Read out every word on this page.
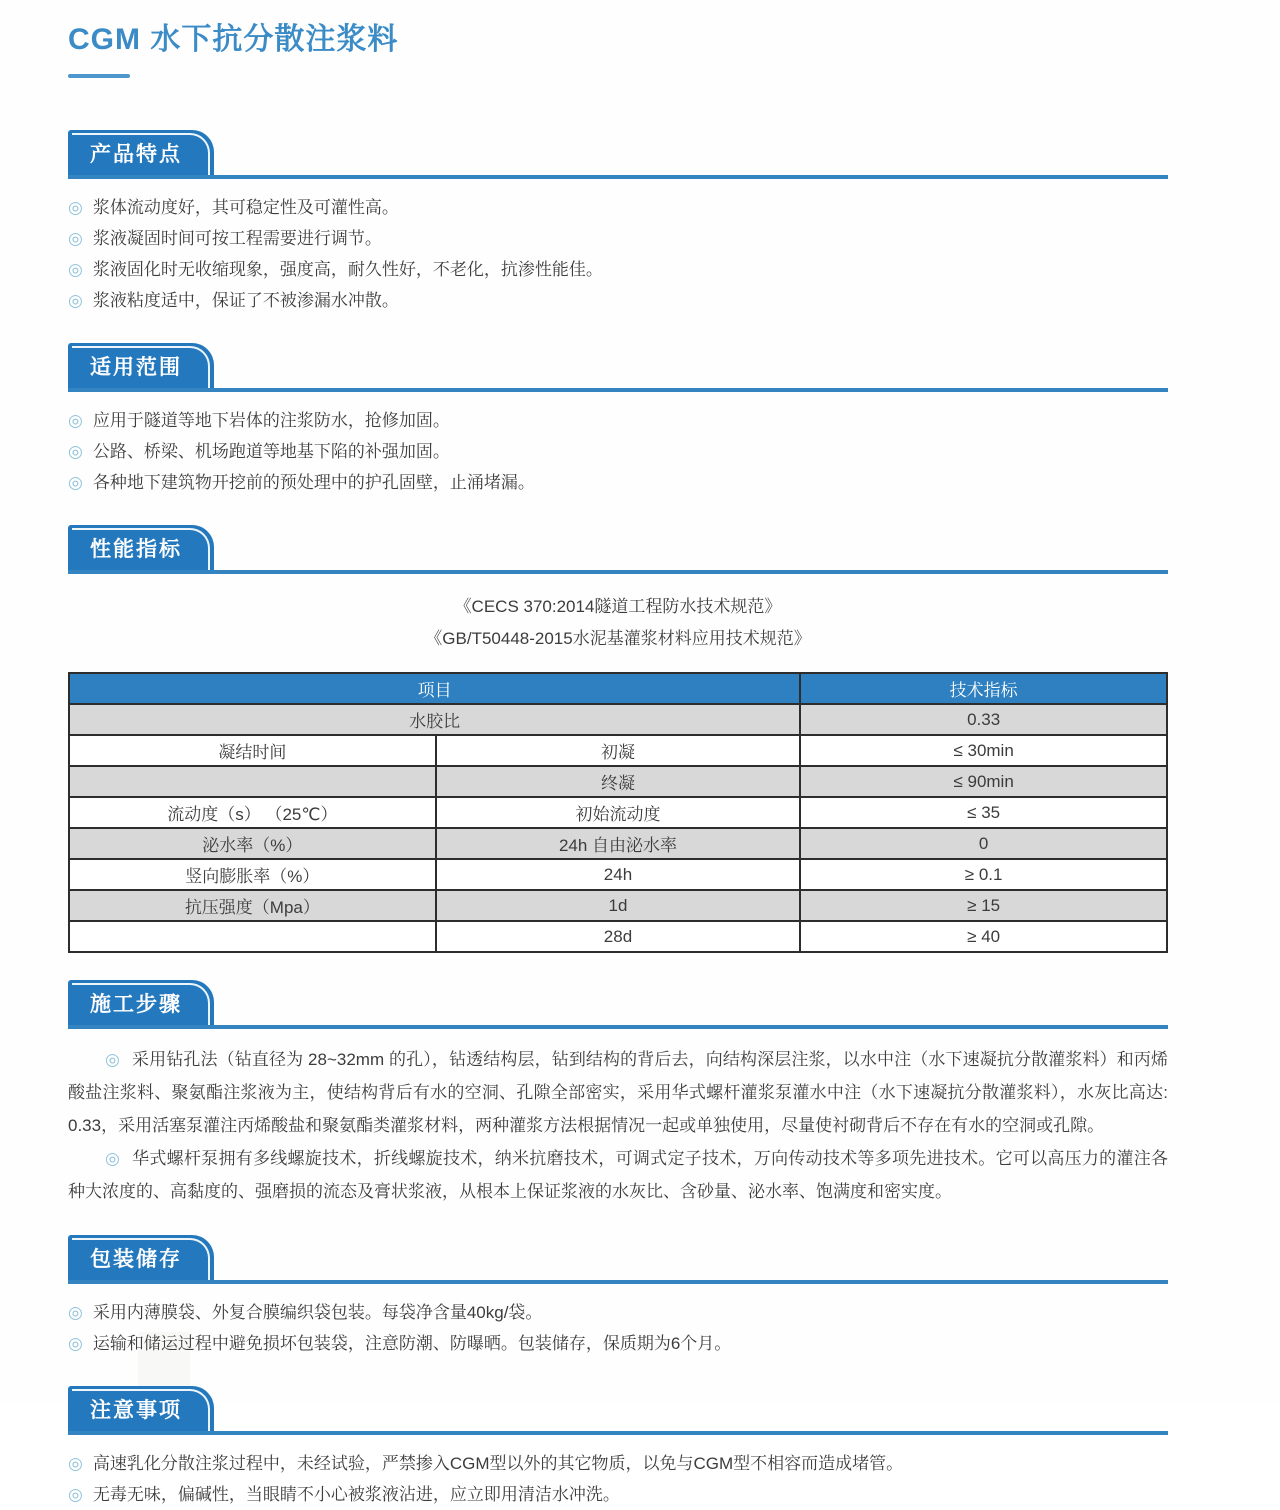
CGM 水下抗分散注浆料
产品特点
◎ 浆体流动度好，其可稳定性及可灌性高。
◎ 浆液凝固时间可按工程需要进行调节。
◎ 浆液固化时无收缩现象，强度高，耐久性好，不老化，抗渗性能佳。
◎ 浆液粘度适中，保证了不被渗漏水冲散。
适用范围
◎ 应用于隧道等地下岩体的注浆防水，抢修加固。
◎ 公路、桥梁、机场跑道等地基下陷的补强加固。
◎ 各种地下建筑物开挖前的预处理中的护孔固壁，止涌堵漏。
性能指标
《CECS 370:2014隧道工程防水技术规范》
《GB/T50448-2015水泥基灌浆材料应用技术规范》
项目		技术指标
水胶比		0.33
凝结时间	初凝	≤ 30min
	终凝	≤ 90min
流动度（s） （25℃）	初始流动度	≤ 35
泌水率（%）	24h 自由泌水率	0
竖向膨胀率（%）	24h	≥ 0.1
抗压强度（Mpa）	1d	≥ 15
	28d	≥ 40
施工步骤

◎ 采用钻孔法（钻直径为 28~32mm 的孔），钻透结构层，钻到结构的背后去，向结构深层注浆，以水中注（水下速凝抗分散灌浆料）和丙烯酸盐注浆料、聚氨酯注浆液为主，使结构背后有水的空洞、孔隙全部密实，采用华式螺杆灌浆泵灌水中注（水下速凝抗分散灌浆料），水灰比高达: 0.33，采用活塞泵灌注丙烯酸盐和聚氨酯类灌浆材料，两种灌浆方法根据情况一起或单独使用，尽量使衬砌背后不存在有水的空洞或孔隙。

◎ 华式螺杆泵拥有多线螺旋技术，折线螺旋技术，纳米抗磨技术，可调式定子技术，万向传动技术等多项先进技术。它可以高压力的灌注各种大浓度的、高黏度的、强磨损的流态及膏状浆液，从根本上保证浆液的水灰比、含砂量、泌水率、饱满度和密实度。

包装储存
◎ 采用内薄膜袋、外复合膜编织袋包装。每袋净含量40kg/袋。
◎ 运输和储运过程中避免损坏包装袋，注意防潮、防曝晒。包装储存，保质期为6个月。
注意事项
◎ 高速乳化分散注浆过程中，未经试验，严禁掺入CGM型以外的其它物质，以免与CGM型不相容而造成堵管。
◎ 无毒无味，偏碱性，当眼睛不小心被浆液沾进，应立即用清洁水冲洗。
